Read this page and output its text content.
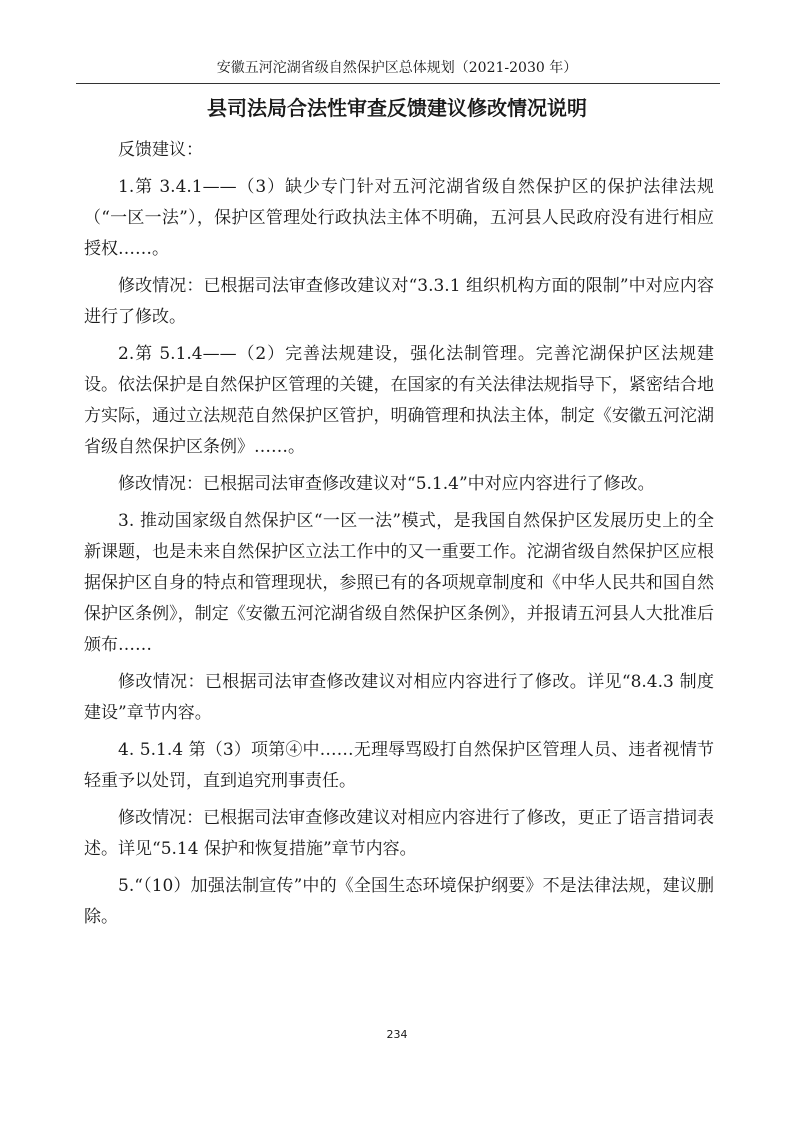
安徽五河沱湖省级自然保护区总体规划（2021-2030 年）
县司法局合法性审查反馈建议修改情况说明

反馈建议：

1.第 3.4.1——（3）缺少专门针对五河沱湖省级自然保护区的保护法律法规（“一区一法”），保护区管理处行政执法主体不明确，五河县人民政府没有进行相应授权……。

修改情况：已根据司法审查修改建议对“3.3.1 组织机构方面的限制”中对应内容进行了修改。

2.第 5.1.4——（2）完善法规建设，强化法制管理。完善沱湖保护区法规建设。依法保护是自然保护区管理的关键，在国家的有关法律法规指导下，紧密结合地方实际，通过立法规范自然保护区管护，明确管理和执法主体，制定《安徽五河沱湖省级自然保护区条例》……。

修改情况：已根据司法审查修改建议对“5.1.4”中对应内容进行了修改。

3. 推动国家级自然保护区“一区一法”模式，是我国自然保护区发展历史上的全新课题，也是未来自然保护区立法工作中的又一重要工作。沱湖省级自然保护区应根据保护区自身的特点和管理现状，参照已有的各项规章制度和《中华人民共和国自然保护区条例》，制定《安徽五河沱湖省级自然保护区条例》，并报请五河县人大批准后颁布……

修改情况：已根据司法审查修改建议对相应内容进行了修改。详见“8.4.3 制度建设”章节内容。

4. 5.1.4 第（3）项第④中……无理辱骂殴打自然保护区管理人员、违者视情节轻重予以处罚，直到追究刑事责任。

修改情况：已根据司法审查修改建议对相应内容进行了修改，更正了语言措词表述。详见“5.14 保护和恢复措施”章节内容。

5.“（10）加强法制宣传”中的《全国生态环境保护纲要》不是法律法规，建议删除。

234
